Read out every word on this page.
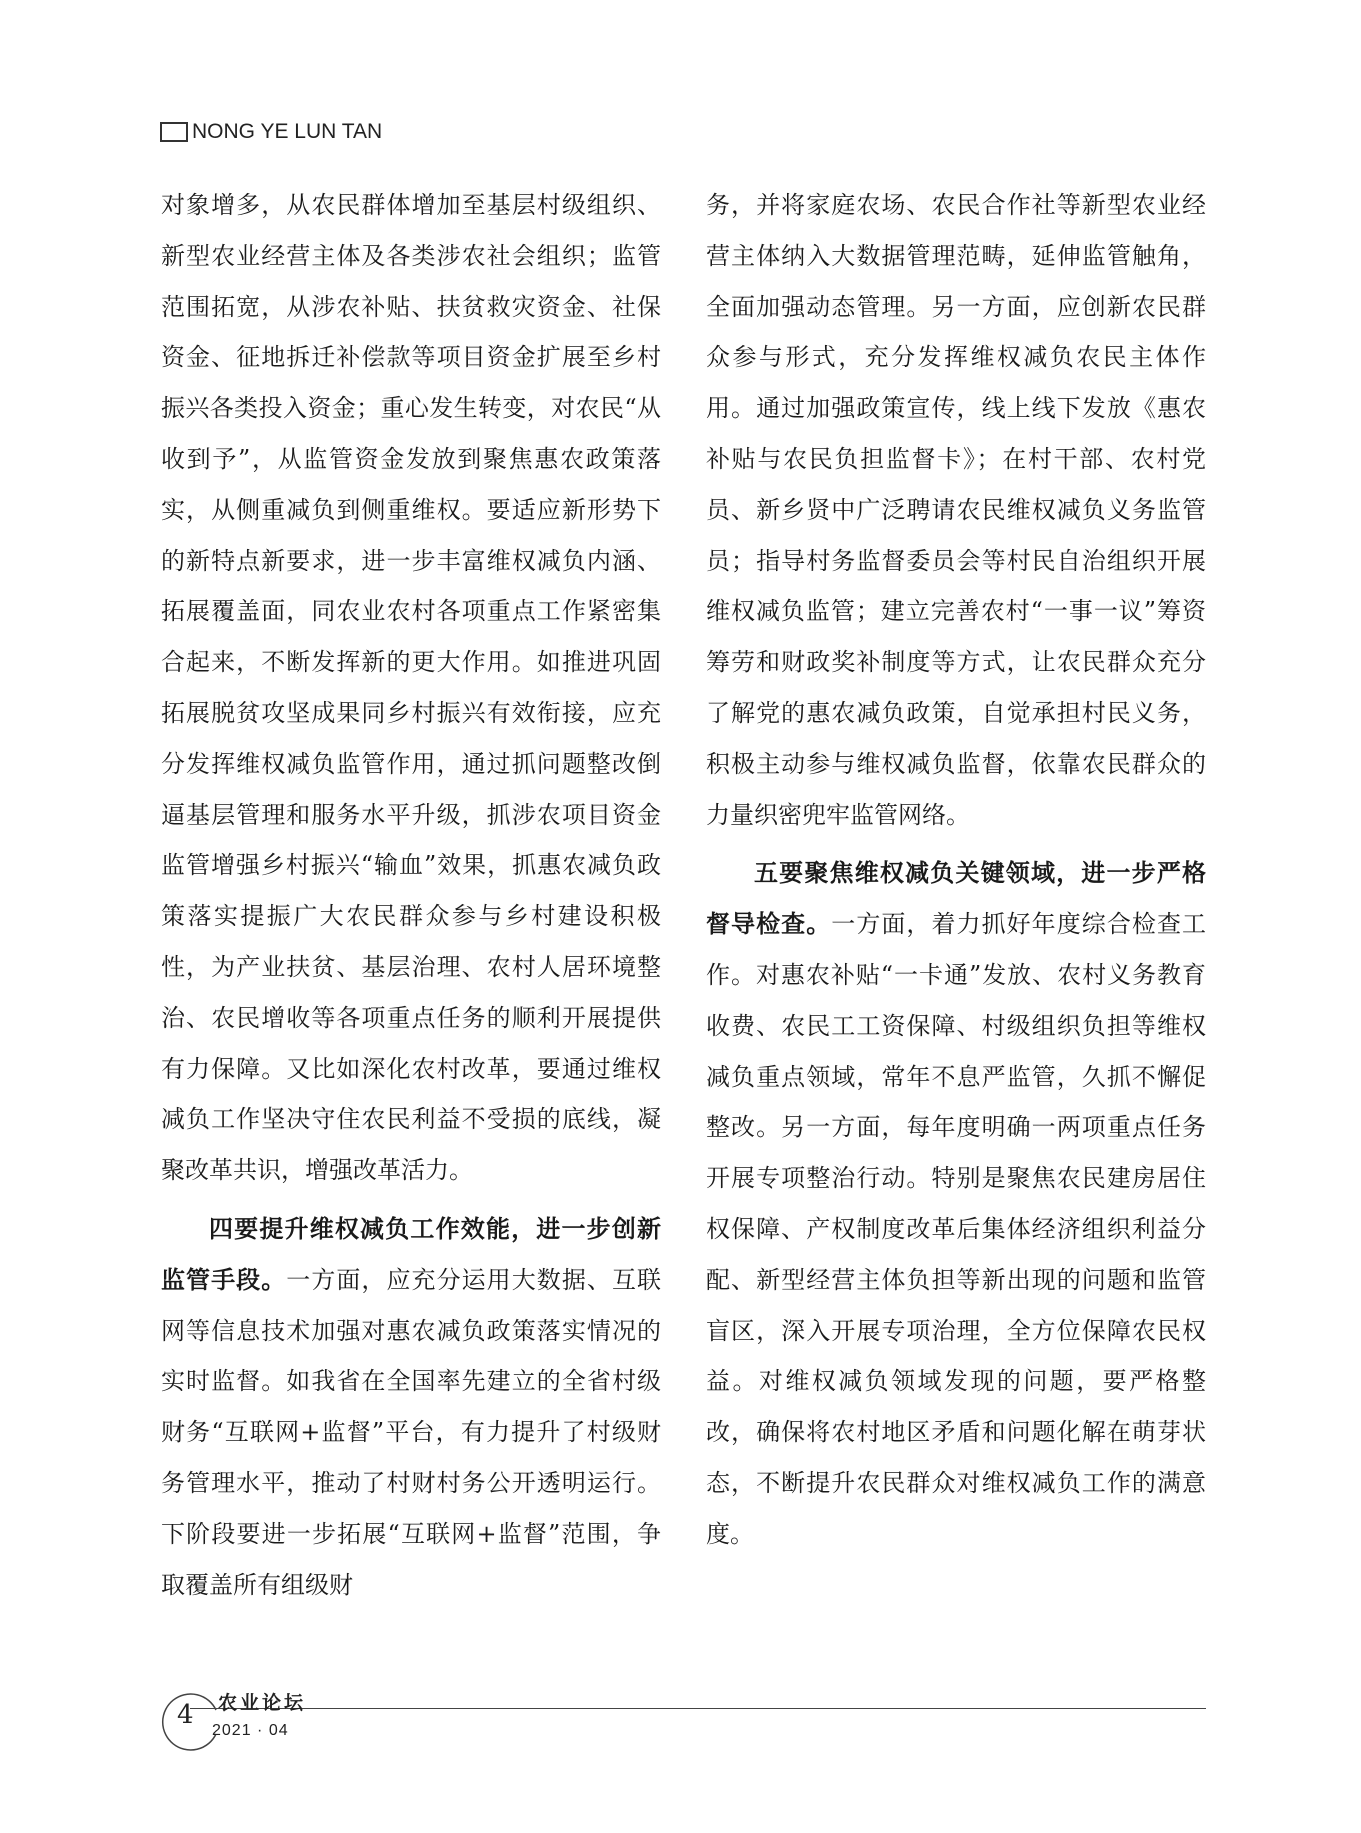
NONG YE LUN TAN

对象增多，从农民群体增加至基层村级组织、新型农业经营主体及各类涉农社会组织；监管范围拓宽，从涉农补贴、扶贫救灾资金、社保资金、征地拆迁补偿款等项目资金扩展至乡村振兴各类投入资金；重心发生转变，对农民“从收到予”，从监管资金发放到聚焦惠农政策落实，从侧重减负到侧重维权。要适应新形势下的新特点新要求，进一步丰富维权减负内涵、拓展覆盖面，同农业农村各项重点工作紧密集合起来，不断发挥新的更大作用。如推进巩固拓展脱贫攻坚成果同乡村振兴有效衔接，应充分发挥维权减负监管作用，通过抓问题整改倒逼基层管理和服务水平升级，抓涉农项目资金监管增强乡村振兴“输血”效果，抓惠农减负政策落实提振广大农民群众参与乡村建设积极性，为产业扶贫、基层治理、农村人居环境整治、农民增收等各项重点任务的顺利开展提供有力保障。又比如深化农村改革，要通过维权减负工作坚决守住农民利益不受损的底线，凝聚改革共识，增强改革活力。

四要提升维权减负工作效能，进一步创新监管手段。一方面，应充分运用大数据、互联网等信息技术加强对惠农减负政策落实情况的实时监督。如我省在全国率先建立的全省村级财务“互联网+监督”平台，有力提升了村级财务管理水平，推动了村财村务公开透明运行。下阶段要进一步拓展“互联网+监督”范围，争取覆盖所有组级财

务，并将家庭农场、农民合作社等新型农业经营主体纳入大数据管理范畴，延伸监管触角，全面加强动态管理。另一方面，应创新农民群众参与形式，充分发挥维权减负农民主体作用。通过加强政策宣传，线上线下发放《惠农补贴与农民负担监督卡》；在村干部、农村党员、新乡贤中广泛聘请农民维权减负义务监管员；指导村务监督委员会等村民自治组织开展维权减负监管；建立完善农村“一事一议”筹资筹劳和财政奖补制度等方式，让农民群众充分了解党的惠农减负政策，自觉承担村民义务，积极主动参与维权减负监督，依靠农民群众的力量织密兜牢监管网络。

五要聚焦维权减负关键领域，进一步严格督导检查。一方面，着力抓好年度综合检查工作。对惠农补贴“一卡通”发放、农村义务教育收费、农民工工资保障、村级组织负担等维权减负重点领域，常年不息严监管，久抓不懈促整改。另一方面，每年度明确一两项重点任务开展专项整治行动。特别是聚焦农民建房居住权保障、产权制度改革后集体经济组织利益分配、新型经营主体负担等新出现的问题和监管盲区，深入开展专项治理，全方位保障农民权益。对维权减负领域发现的问题，要严格整改，确保将农村地区矛盾和问题化解在萌芽状态，不断提升农民群众对维权减负工作的满意度。

4 农业论坛
2021 · 04
